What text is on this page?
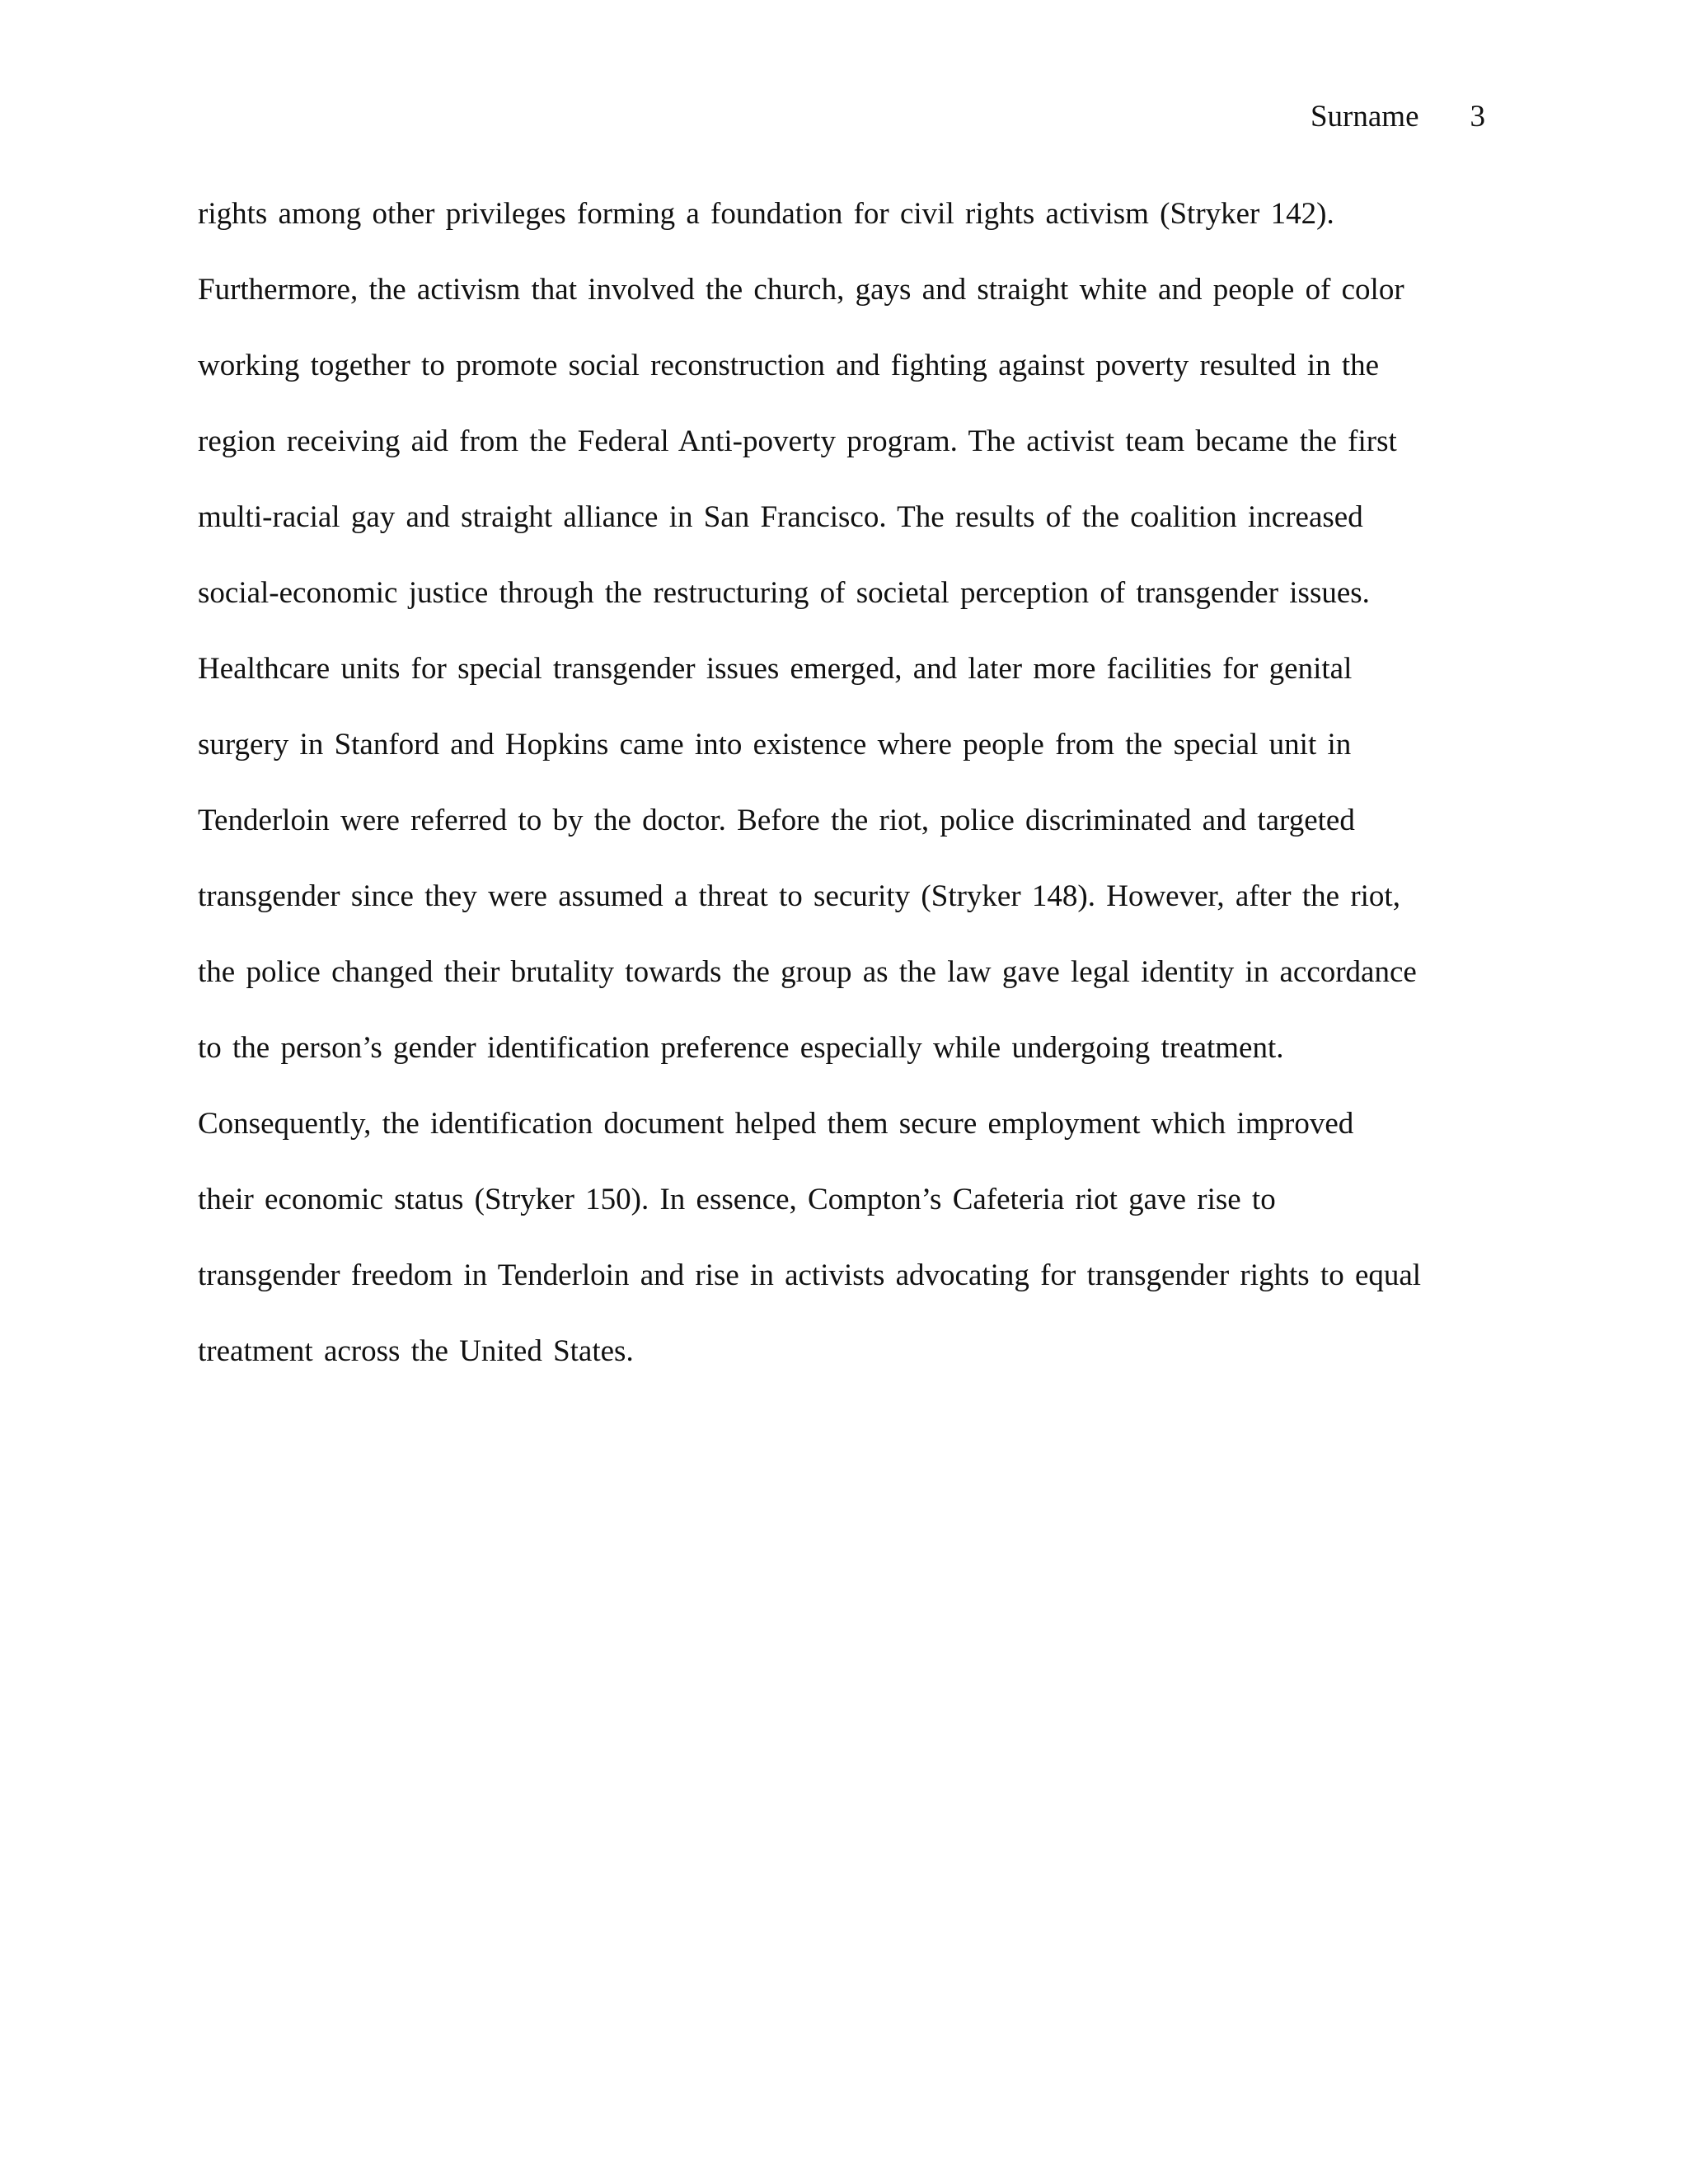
Surname 3
rights among other privileges forming a foundation for civil rights activism (Stryker 142).
Furthermore, the activism that involved the church, gays and straight white and people of color
working together to promote social reconstruction and fighting against poverty resulted in the
region receiving aid from the Federal Anti-poverty program. The activist team became the first
multi-racial gay and straight alliance in San Francisco. The results of the coalition increased
social-economic justice through the restructuring of societal perception of transgender issues.
Healthcare units for special transgender issues emerged, and later more facilities for genital
surgery in Stanford and Hopkins came into existence where people from the special unit in
Tenderloin were referred to by the doctor. Before the riot, police discriminated and targeted
transgender since they were assumed a threat to security (Stryker 148). However, after the riot,
the police changed their brutality towards the group as the law gave legal identity in accordance
to the person’s gender identification preference especially while undergoing treatment.
Consequently, the identification document helped them secure employment which improved
their economic status (Stryker 150). In essence, Compton’s Cafeteria riot gave rise to
transgender freedom in Tenderloin and rise in activists advocating for transgender rights to equal
treatment across the United States.
